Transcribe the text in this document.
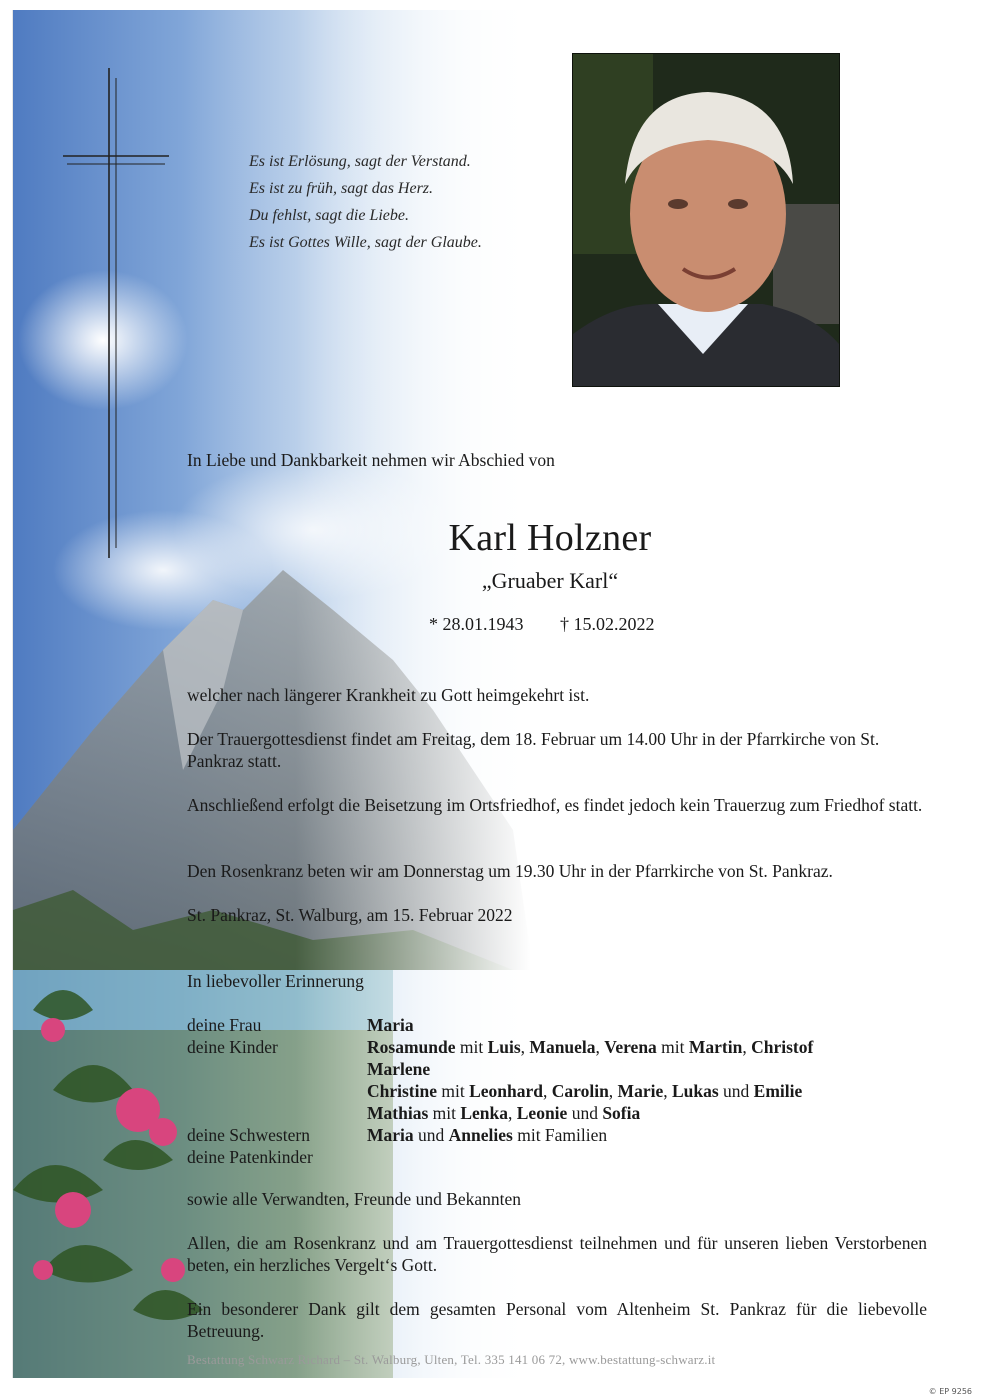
Es ist Erlösung, sagt der Verstand.
Es ist zu früh, sagt das Herz.
Du fehlst, sagt die Liebe.
Es ist Gottes Wille, sagt der Glaube.
In Liebe und Dankbarkeit nehmen wir Abschied von
Karl Holzner
„Gruaber Karl“
* 28.01.1943 † 15.02.2022
welcher nach längerer Krankheit zu Gott heimgekehrt ist.
Der Trauergottesdienst findet am Freitag, dem 18. Februar um 14.00 Uhr in der Pfarrkirche von St. Pankraz statt.
Anschließend erfolgt die Beisetzung im Ortsfriedhof, es findet jedoch kein Trauerzug zum Friedhof statt.
Den Rosenkranz beten wir am Donnerstag um 19.30 Uhr in der Pfarrkirche von St. Pankraz.
St. Pankraz, St. Walburg, am 15. Februar 2022
In liebevoller Erinnerung
deine Frau	Maria
deine Kinder	Rosamunde mit Luis, Manuela, Verena mit Martin, Christof
Marlene
Christine mit Leonhard, Carolin, Marie, Lukas und Emilie
Mathias mit Lenka, Leonie und Sofia
deine Schwestern	Maria und Annelies mit Familien
deine Patenkinder
sowie alle Verwandten, Freunde und Bekannten
Allen, die am Rosenkranz und am Trauergottesdienst teilnehmen und für unseren lieben Verstorbenen beten, ein herzliches Vergelt‘s Gott.
Ein besonderer Dank gilt dem gesamten Personal vom Altenheim St. Pankraz für die liebevolle Betreuung.
Bestattung Schwarz Richard – St. Walburg, Ulten, Tel. 335 141 06 72, www.bestattung-schwarz.it
© EP 9256
